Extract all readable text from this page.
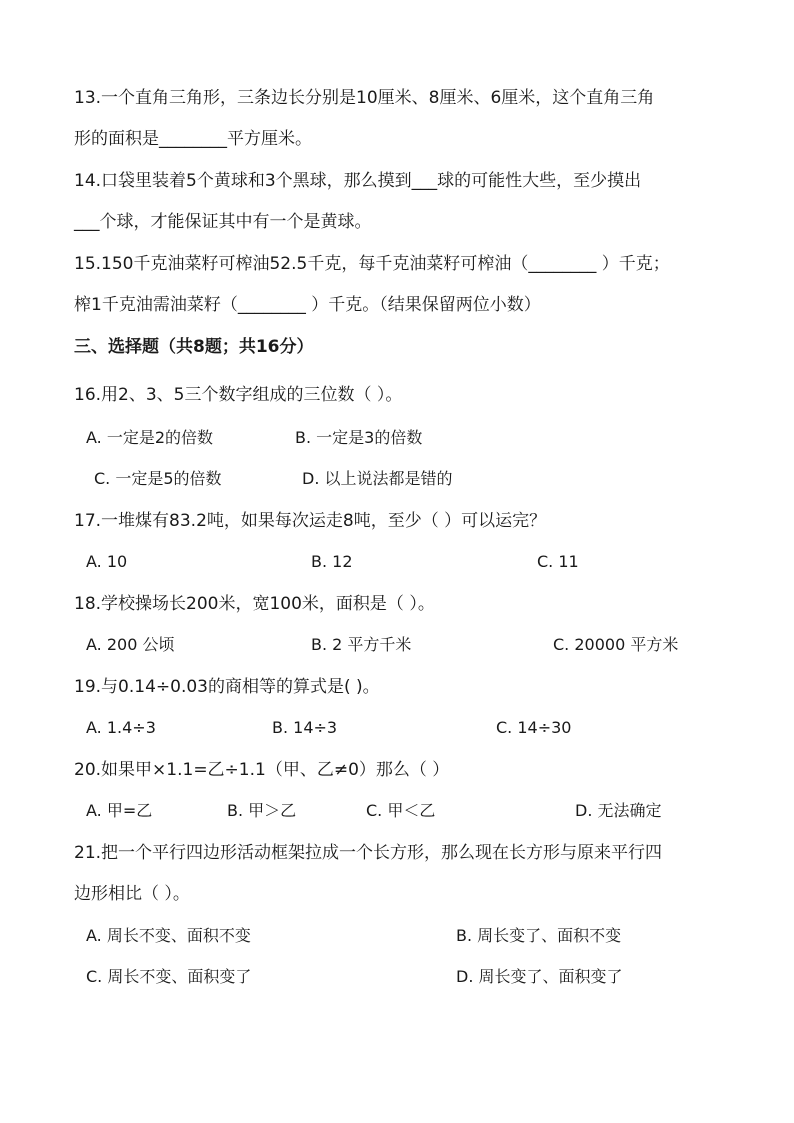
13.一个直角三角形，三条边长分别是10厘米、8厘米、6厘米，这个直角三角
形的面积是________平方厘米。
14.口袋里装着5个黄球和3个黑球，那么摸到___球的可能性大些，至少摸出
___个球，才能保证其中有一个是黄球。
15.150千克油菜籽可榨油52.5千克，每千克油菜籽可榨油（________ ）千克；
榨1千克油需油菜籽（________ ）千克。（结果保留两位小数）
三、选择题（共8题；共16分）
16.用2、3、5三个数字组成的三位数（ ）。
A. 一定是2的倍数	B. 一定是3的倍数
C. 一定是5的倍数	D. 以上说法都是错的
17.一堆煤有83.2吨，如果每次运走8吨，至少（ ）可以运完？
A. 10	B. 12	C. 11
18.学校操场长200米，宽100米，面积是（ ）。
A. 200 公顷	B. 2 平方千米	C. 20000 平方米
19.与0.14÷0.03的商相等的算式是( )。
A. 1.4÷3	B. 14÷3	C. 14÷30
20.如果甲×1.1=乙÷1.1（甲、乙≠0）那么（ ）
A. 甲=乙	B. 甲＞乙	C. 甲＜乙	D. 无法确定
21.把一个平行四边形活动框架拉成一个长方形，那么现在长方形与原来平行四
边形相比（ ）。
A. 周长不变、面积不变	B. 周长变了、面积不变
C. 周长不变、面积变了	D. 周长变了、面积变了
